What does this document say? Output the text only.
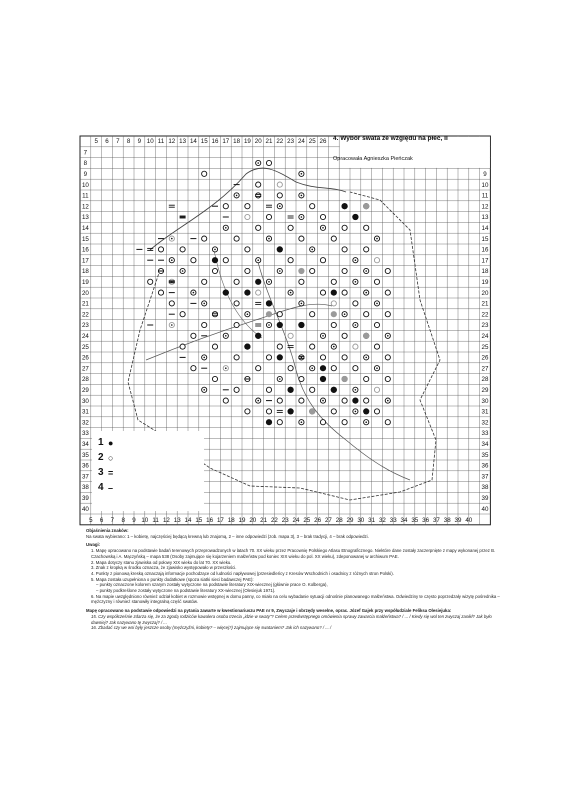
5 6 7 8 9 10 11 12 13 14 15 16 17 18 19 20 21 22 23 24 25 26
5 6 7 8 9 10 11 12 13 14 15 16 17 18 19 20 21 22 23 24 25 26 27 28 29 30 31 32 33 34 35 36 37 38 39 40
7
8
9
10
11
12
13
14
15
16
17
18
19
20
21
22
23
24
25
26
27
28
29
30
31
32
33
34
35
36
37
38
39
40
9
10
11
12
13
14
15
16
17
18
19
20
21
22
23
24
25
26
27
28
29
30
31
32
33
34
35
36
37
38
39
40
4. Wybór swata ze względu na płeć, II
Opracowała Agnieszka Pieńczak
1 ●
2 ○
3 =
4 –

Objaśnienia znaków:

Na swata wybierano: 1 – kobietę, najczęściej będącą krewną lub znajomą, 2 – inne odpowiedzi (zob. mapa 3), 3 – brak tradycji, 4 – brak odpowiedzi.

Uwagi:

1. Mapę opracowano na podstawie badań terenowych przeprowadzonych w latach 70. XX wieku przez Pracownię Polskiego Atlasu Etnograficznego. Niektóre dane zostały zaczerpnięte z mapy wykonanej przez B. Czachowską i A. Mączyńską – mapa 538 (Osoby zajmujące się kojarzeniem małżeństw pod koniec XIX wieku do pol. XX wieku), zdeponowanej w archiwum PAE.

2. Mapa dotyczy stanu zjawiska od połowy XIX wieku do lat 70. XX wieku.

3. Znak z kropką w środku oznacza, że zjawisko występowało w przeszłości.

4. Punkty z pionową kreską oznaczają informacje pochodzące od ludności napływowej (przesiedleńcy z Kresów Wschodnich i osadnicy z różnych stron Polski).

5. Mapa została uzupełniona o punkty dodatkowe (spoza siatki sieci badawczej PAE):

– punkty oznaczone kolorem szarym zostały wytyczone na podstawie literatury XIX-wiecznej (głównie prace O. Kolberga),

– punkty podkreślone zostały wytyczone na podstawie literatury XX-wiecznej (Olesiejuk 1971).

6. Na mapie uwzględniono również odział kobiet w rozmowie wstępnej w domu panny, co miało na celu wybadanie sytuacji odnośnie planowanego małżeństwa. Odwiedziny te często poprzedzały wizytę pośrednika – mężczyzny i również stanowiły integralną część swatów.

Mapę opracowano na podstawie odpowiedzi na pytania zawarte w kwestionariuszu PAE nr 9, Zwyczaje i obrzędy weselne, oprac. Józef Gajek przy współudziale Feliksa Olesiejuka:

15. Czy współcześnie zdarza się, że za zgodą rodziców kawalera osoba trzecia „idzie w swaty”? Celem przedwstępnego omówienia sprawy zawarcia małżeństwa? / ... / Kiedy się wol ten zwyczaj zanikł? Jak było dawniej? Jak nazywano tę zwyczaj? / ...

16. Zbadać czy we wsi były jeszcze osoby (mężczyźni, kobiety? – więcej?) zajmujące się swataniem? Jak ich nazywano? / ... /
